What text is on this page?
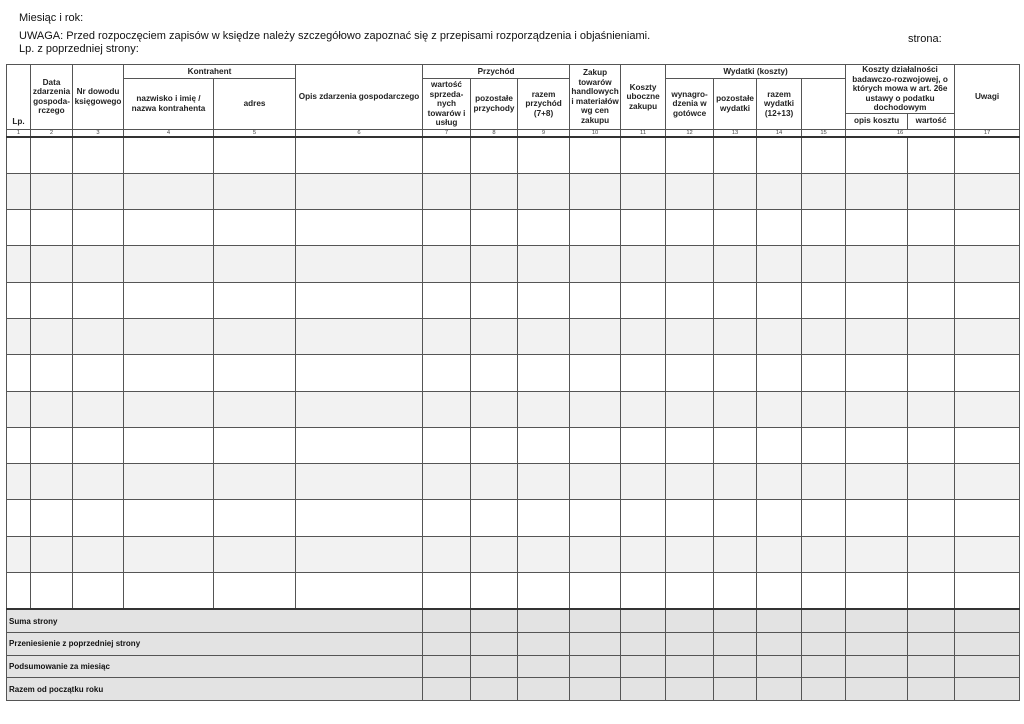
Miesiąc i rok:
UWAGA: Przed rozpoczęciem zapisów w księdze należy szczegółowo zapoznać się z przepisami rozporządzenia i objaśnieniami.
Lp. z poprzedniej strony:
strona:
Lp.	Data zdarzenia gospoda-rczego	Nr dowodu księgowego	Kontrahent		Opis zdarzenia gospodarczego	Przychód			Zakup towarów handlowych i materiałów wg cen zakupu	Koszty uboczne zakupu	Wydatki (koszty)				Koszty działalności badawczo-rozwojowej, o których mowa w art. 26e ustawy o podatku dochodowym		Uwagi
			nazwisko i imię / nazwa kontrahenta	adres		wartość sprzeda-nych towarów i usług	pozostałe przychody	razem przychód (7+8)			wynagro-dzenia w gotówce	pozostałe wydatki	razem wydatki (12+13)				
															opis kosztu	wartość	
1	2	3	4	5	6	7	8	9	10	11	12	13	14	15	16		17

Suma strony																	
Przeniesienie z poprzedniej strony																	
Podsumowanie za miesiąc																	
Razem od początku roku																	
